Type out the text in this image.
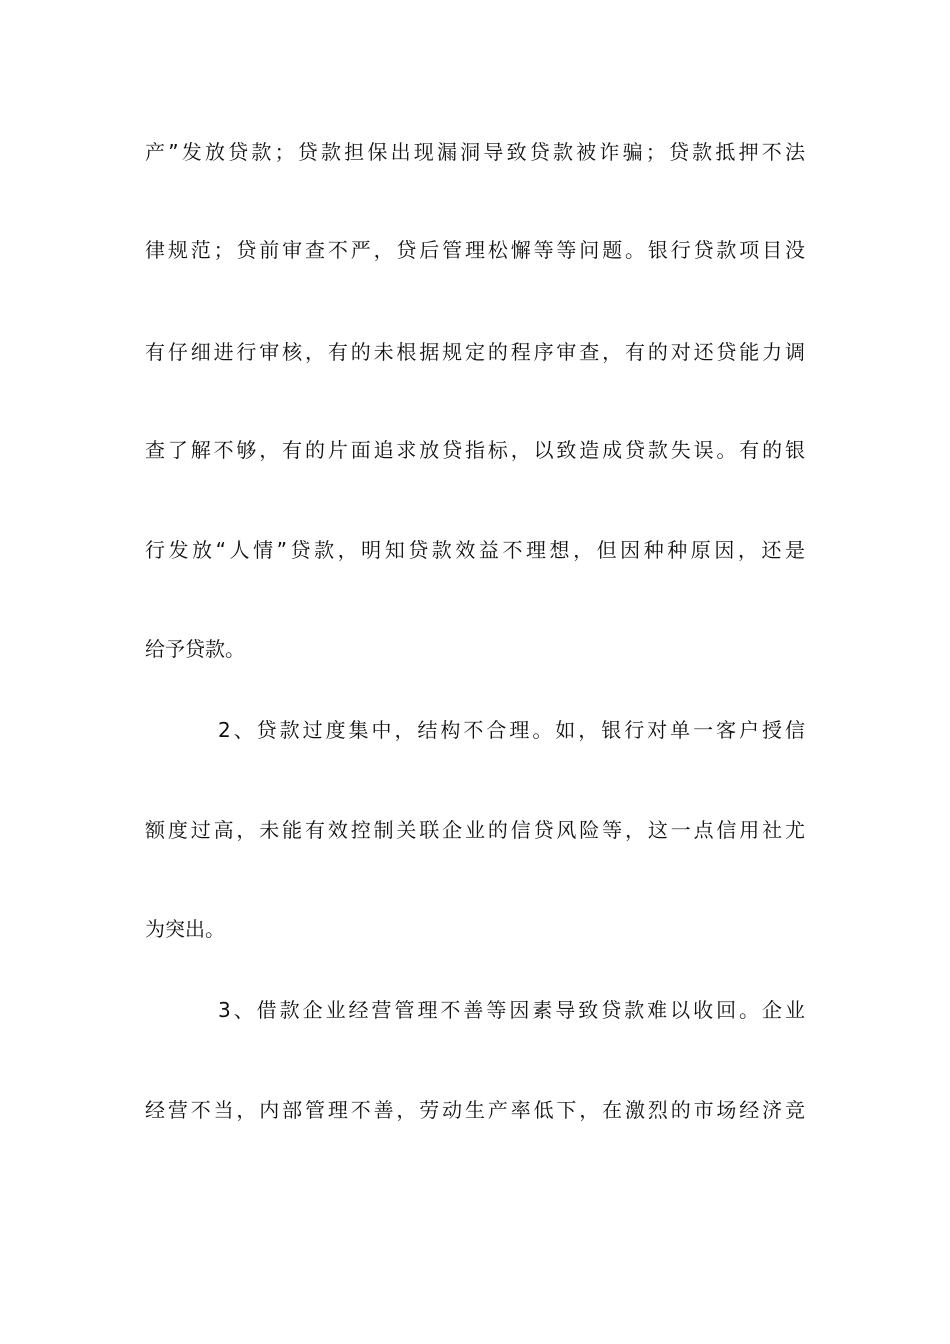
产”发放贷款；贷款担保出现漏洞导致贷款被诈骗；贷款抵押不法
律规范；贷前审查不严，贷后管理松懈等等问题。银行贷款项目没
有仔细进行审核，有的未根据规定的程序审查，有的对还贷能力调
查了解不够，有的片面追求放贷指标，以致造成贷款失误。有的银
行发放“人情”贷款，明知贷款效益不理想，但因种种原因，还是
给予贷款。
2、贷款过度集中，结构不合理。如，银行对单一客户授信
额度过高，未能有效控制关联企业的信贷风险等，这一点信用社尤
为突出。
3、借款企业经营管理不善等因素导致贷款难以收回。企业
经营不当，内部管理不善，劳动生产率低下，在激烈的市场经济竞
